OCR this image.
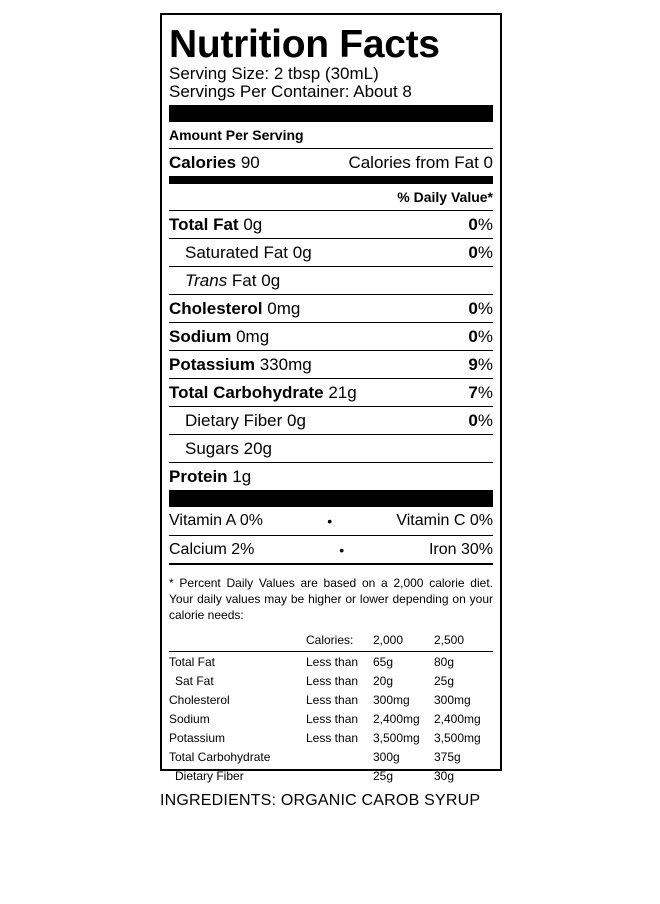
Nutrition Facts
Serving Size: 2 tbsp (30mL)
Servings Per Container: About 8
Amount Per Serving
Calories 90	Calories from Fat 0
% Daily Value*
Total Fat 0g	0%
Saturated Fat 0g	0%
Trans Fat 0g
Cholesterol 0mg	0%
Sodium 0mg	0%
Potassium 330mg	9%
Total Carbohydrate 21g	7%
Dietary Fiber 0g	0%
Sugars 20g
Protein 1g
Vitamin A 0%	•	Vitamin C 0%
Calcium 2%	•	Iron 30%
* Percent Daily Values are based on a 2,000 calorie diet. Your daily values may be higher or lower depending on your calorie needs:
	Calories:	2,000	2,500
Total Fat	Less than	65g	80g
Sat Fat	Less than	20g	25g
Cholesterol	Less than	300mg	300mg
Sodium	Less than	2,400mg	2,400mg
Potassium	Less than	3,500mg	3,500mg
Total Carbohydrate		300g	375g
Dietary Fiber		25g	30g
INGREDIENTS: ORGANIC CAROB SYRUP
